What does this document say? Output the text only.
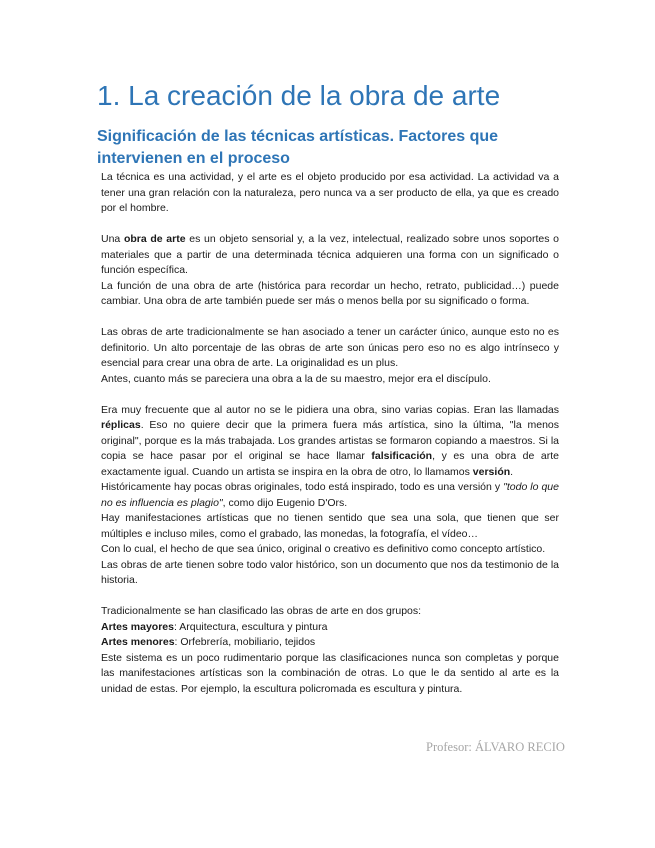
1. La creación de la obra de arte
Significación de las técnicas artísticas. Factores que intervienen en el proceso

La técnica es una actividad, y el arte es el objeto producido por esa actividad. La actividad va a tener una gran relación con la naturaleza, pero nunca va a ser producto de ella, ya que es creado por el hombre.

Una obra de arte es un objeto sensorial y, a la vez, intelectual, realizado sobre unos soportes o materiales que a partir de una determinada técnica adquieren una forma con un significado o función específica.

La función de una obra de arte (histórica para recordar un hecho, retrato, publicidad…) puede cambiar. Una obra de arte también puede ser más o menos bella por su significado o forma.

Las obras de arte tradicionalmente se han asociado a tener un carácter único, aunque esto no es definitorio. Un alto porcentaje de las obras de arte son únicas pero eso no es algo intrínseco y esencial para crear una obra de arte. La originalidad es un plus.

Antes, cuanto más se pareciera una obra a la de su maestro, mejor era el discípulo.

Era muy frecuente que al autor no se le pidiera una obra, sino varias copias. Eran las llamadas réplicas. Eso no quiere decir que la primera fuera más artística, sino la última, "la menos original", porque es la más trabajada. Los grandes artistas se formaron copiando a maestros. Si la copia se hace pasar por el original se hace llamar falsificación, y es una obra de arte exactamente igual. Cuando un artista se inspira en la obra de otro, lo llamamos versión.

Históricamente hay pocas obras originales, todo está inspirado, todo es una versión y "todo lo que no es influencia es plagio", como dijo Eugenio D'Ors.

Hay manifestaciones artísticas que no tienen sentido que sea una sola, que tienen que ser múltiples e incluso miles, como el grabado, las monedas, la fotografía, el vídeo…

Con lo cual, el hecho de que sea único, original o creativo es definitivo como concepto artístico.

Las obras de arte tienen sobre todo valor histórico, son un documento que nos da testimonio de la historia.

Tradicionalmente se han clasificado las obras de arte en dos grupos:

Artes mayores: Arquitectura, escultura y pintura

Artes menores: Orfebrería, mobiliario, tejidos

Este sistema es un poco rudimentario porque las clasificaciones nunca son completas y porque las manifestaciones artísticas son la combinación de otras. Lo que le da sentido al arte es la unidad de estas. Por ejemplo, la escultura policromada es escultura y pintura.

Profesor: ÁLVARO RECIO
